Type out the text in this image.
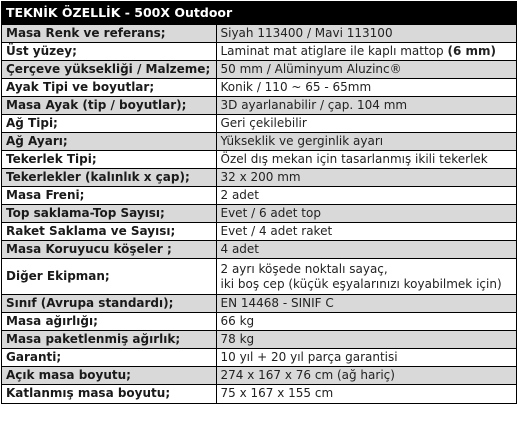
TEKNİK ÖZELLİK - 500X Outdoor
Masa Renk ve referans;	Siyah 113400 / Mavi 113100
Üst yüzey;	Laminat mat atiglare ile kaplı mattop (6 mm)
Çerçeve yüksekliği / Malzeme;	50 mm / Alüminyum Aluzinc®
Ayak Tipi ve boyutlar;	Konik / 110 ~ 65 - 65mm
Masa Ayak (tip / boyutlar);	3D ayarlanabilir / çap. 104 mm
Ağ Tipi;	Geri çekilebilir
Ağ Ayarı;	Yükseklik ve gerginlik ayarı
Tekerlek Tipi;	Özel dış mekan için tasarlanmış ikili tekerlek
Tekerlekler (kalınlık x çap);	32 x 200 mm
Masa Freni;	2 adet
Top saklama-Top Sayısı;	Evet / 6 adet top
Raket Saklama ve Sayısı;	Evet / 4 adet raket
Masa Koruyucu köşeler ;	4 adet
Diğer Ekipman;	2 ayrı köşede noktalı sayaç,
iki boş cep (küçük eşyalarınızı koyabilmek için)

Sınıf (Avrupa standardı);	EN 14468 - SINIF C
Masa ağırlığı;	66 kg
Masa paketlenmiş ağırlık;	78 kg
Garanti;	10 yıl + 20 yıl parça garantisi
Açık masa boyutu;	274 x 167 x 76 cm (ağ hariç)
Katlanmış masa boyutu;	75 x 167 x 155 cm
